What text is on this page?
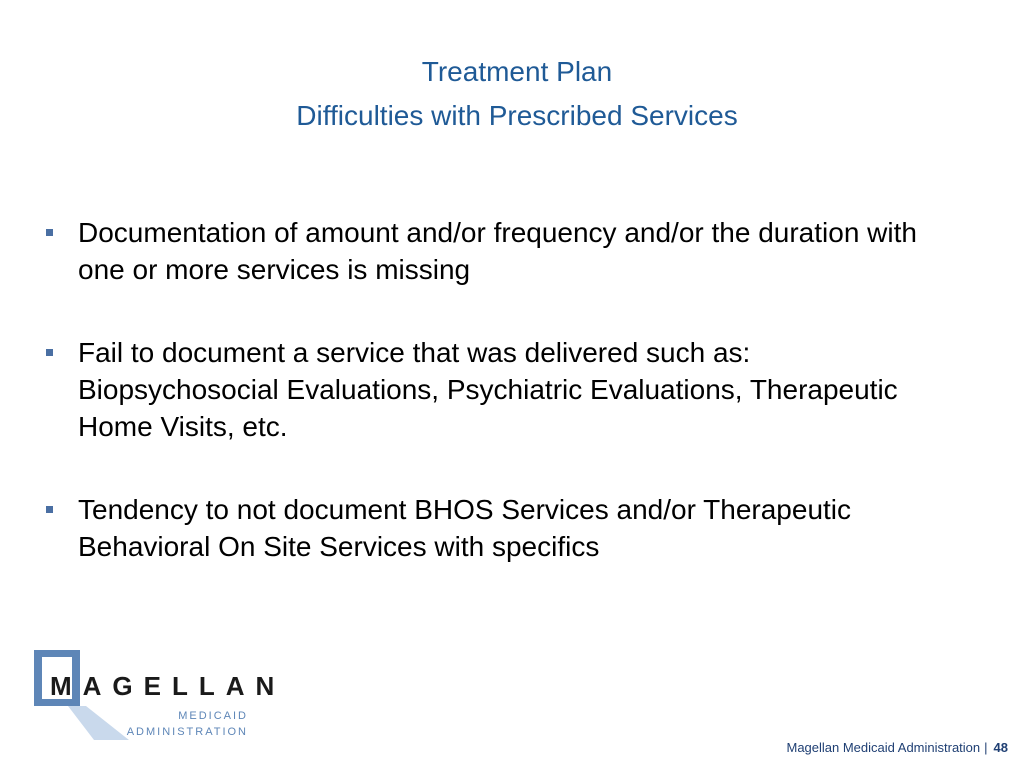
Treatment Plan
Difficulties with Prescribed Services
Documentation of amount and/or frequency and/or the duration with one or more services is missing
Fail to document a service that was delivered such as: Biopsychosocial Evaluations, Psychiatric Evaluations, Therapeutic Home Visits, etc.
Tendency to not document BHOS Services and/or Therapeutic Behavioral On Site Services with specifics
MAGELLAN
MEDICAID
ADMINISTRATION
Magellan Medicaid Administration | 48
